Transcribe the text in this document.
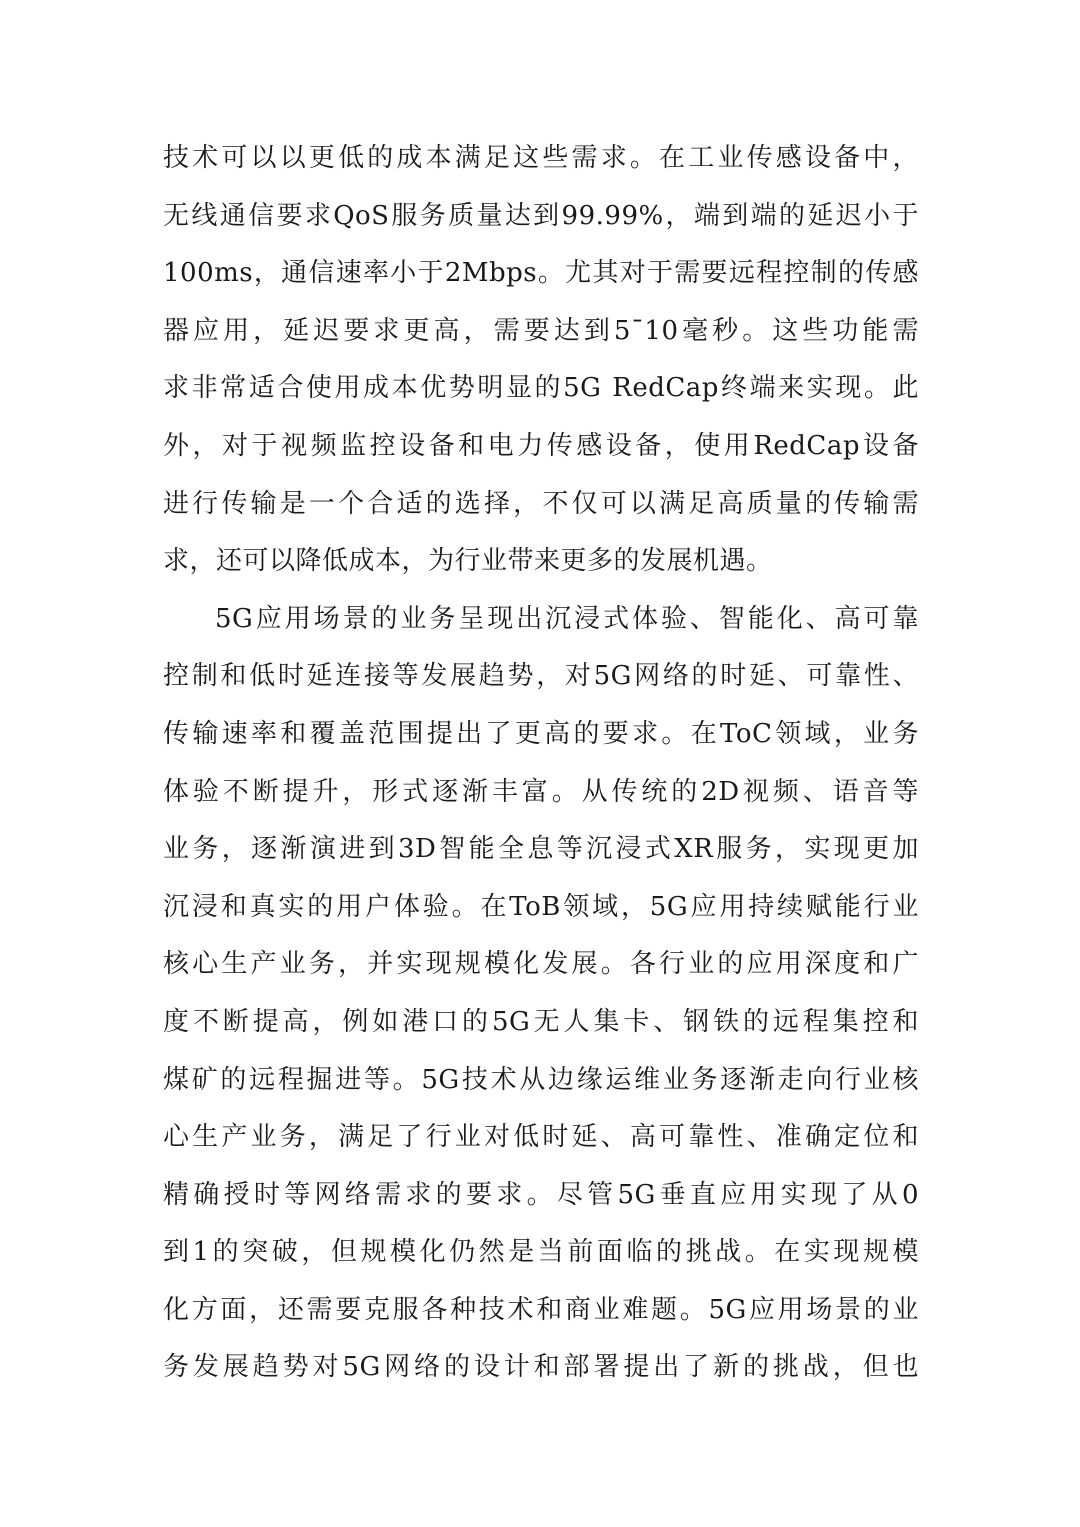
技术可以以更低的成本满足这些需求。在工业传感设备中，
无线通信要求QoS服务质量达到99.99%，端到端的延迟小于
100ms，通信速率小于2Mbps。尤其对于需要远程控制的传感
器应用，延迟要求更高，需要达到5¯10毫秒。这些功能需
求非常适合使用成本优势明显的5G RedCap终端来实现。此
外，对于视频监控设备和电力传感设备，使用RedCap设备
进行传输是一个合适的选择，不仅可以满足高质量的传输需
求，还可以降低成本，为行业带来更多的发展机遇。
5G应用场景的业务呈现出沉浸式体验、智能化、高可靠
控制和低时延连接等发展趋势，对5G网络的时延、可靠性、
传输速率和覆盖范围提出了更高的要求。在ToC领域，业务
体验不断提升，形式逐渐丰富。从传统的2D视频、语音等
业务，逐渐演进到3D智能全息等沉浸式XR服务，实现更加
沉浸和真实的用户体验。在ToB领域，5G应用持续赋能行业
核心生产业务，并实现规模化发展。各行业的应用深度和广
度不断提高，例如港口的5G无人集卡、钢铁的远程集控和
煤矿的远程掘进等。5G技术从边缘运维业务逐渐走向行业核
心生产业务，满足了行业对低时延、高可靠性、准确定位和
精确授时等网络需求的要求。尽管5G垂直应用实现了从0
到1的突破，但规模化仍然是当前面临的挑战。在实现规模
化方面，还需要克服各种技术和商业难题。5G应用场景的业
务发展趋势对5G网络的设计和部署提出了新的挑战，但也
